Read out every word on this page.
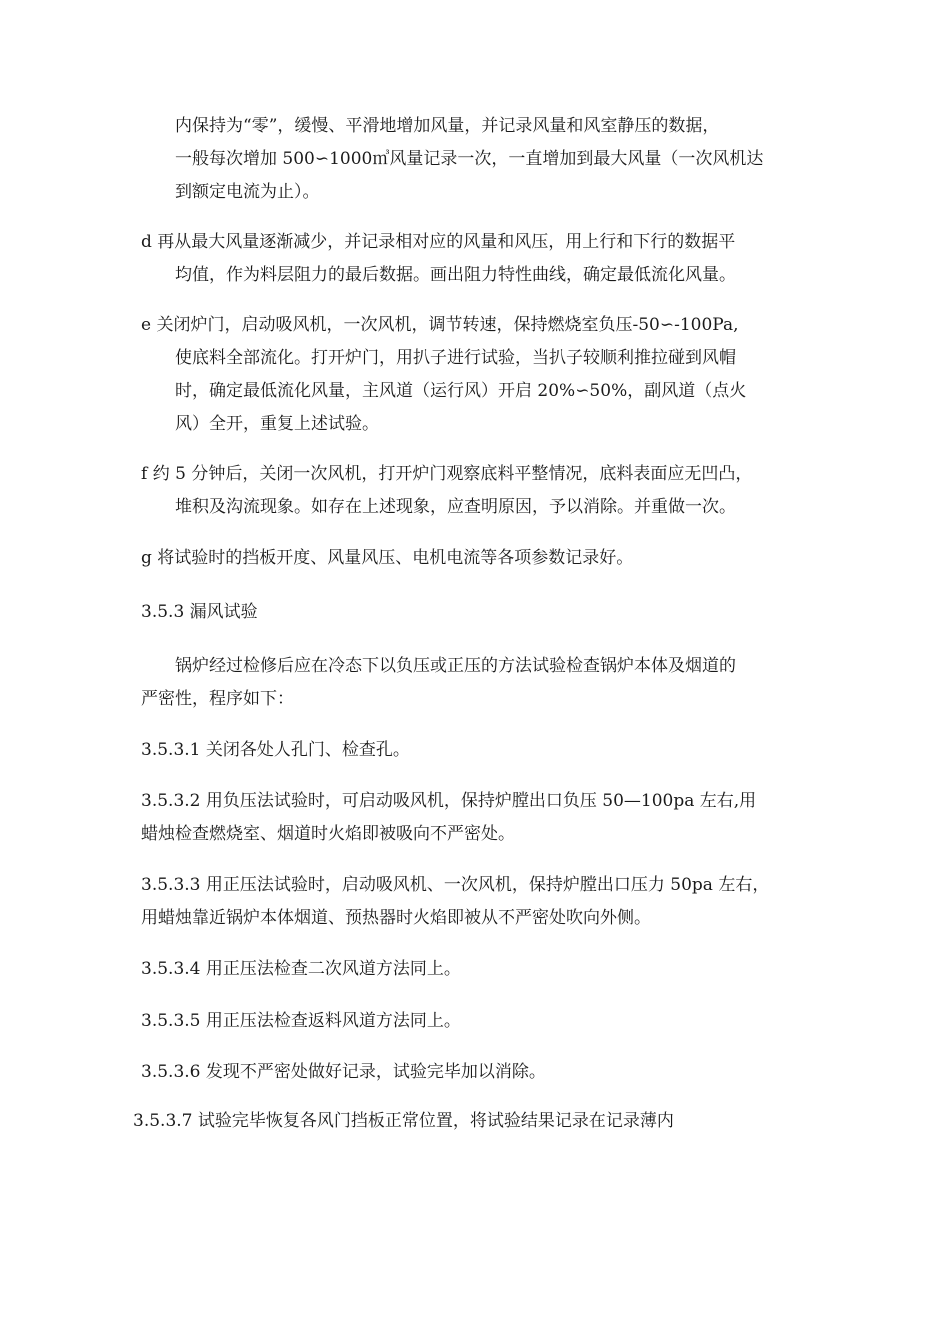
内保持为“零”，缓慢、平滑地增加风量，并记录风量和风室静压的数据，
一般每次增加 500∽1000㎥风量记录一次，一直增加到最大风量（一次风机达
到额定电流为止）。
d 再从最大风量逐渐减少，并记录相对应的风量和风压，用上行和下行的数据平
均值，作为料层阻力的最后数据。画出阻力特性曲线，确定最低流化风量。
e 关闭炉门，启动吸风机，一次风机，调节转速，保持燃烧室负压-50∽-100Pa,
使底料全部流化。打开炉门，用扒子进行试验，当扒子较顺利推拉碰到风帽
时，确定最低流化风量，主风道（运行风）开启 20%∽50%，副风道（点火
风）全开，重复上述试验。
f 约 5 分钟后，关闭一次风机，打开炉门观察底料平整情况，底料表面应无凹凸，
堆积及沟流现象。如存在上述现象，应查明原因，予以消除。并重做一次。
g 将试验时的挡板开度、风量风压、电机电流等各项参数记录好。
3.5.3 漏风试验
锅炉经过检修后应在冷态下以负压或正压的方法试验检查锅炉本体及烟道的
严密性，程序如下：
3.5.3.1 关闭各处人孔门、检查孔。
3.5.3.2 用负压法试验时，可启动吸风机，保持炉膛出口负压 50—100pa 左右,用
蜡烛检查燃烧室、烟道时火焰即被吸向不严密处。
3.5.3.3 用正压法试验时，启动吸风机、一次风机，保持炉膛出口压力 50pa 左右，
用蜡烛靠近锅炉本体烟道、预热器时火焰即被从不严密处吹向外侧。
3.5.3.4 用正压法检查二次风道方法同上。
3.5.3.5 用正压法检查返料风道方法同上。
3.5.3.6 发现不严密处做好记录，试验完毕加以消除。
3.5.3.7 试验完毕恢复各风门挡板正常位置，将试验结果记录在记录薄内
